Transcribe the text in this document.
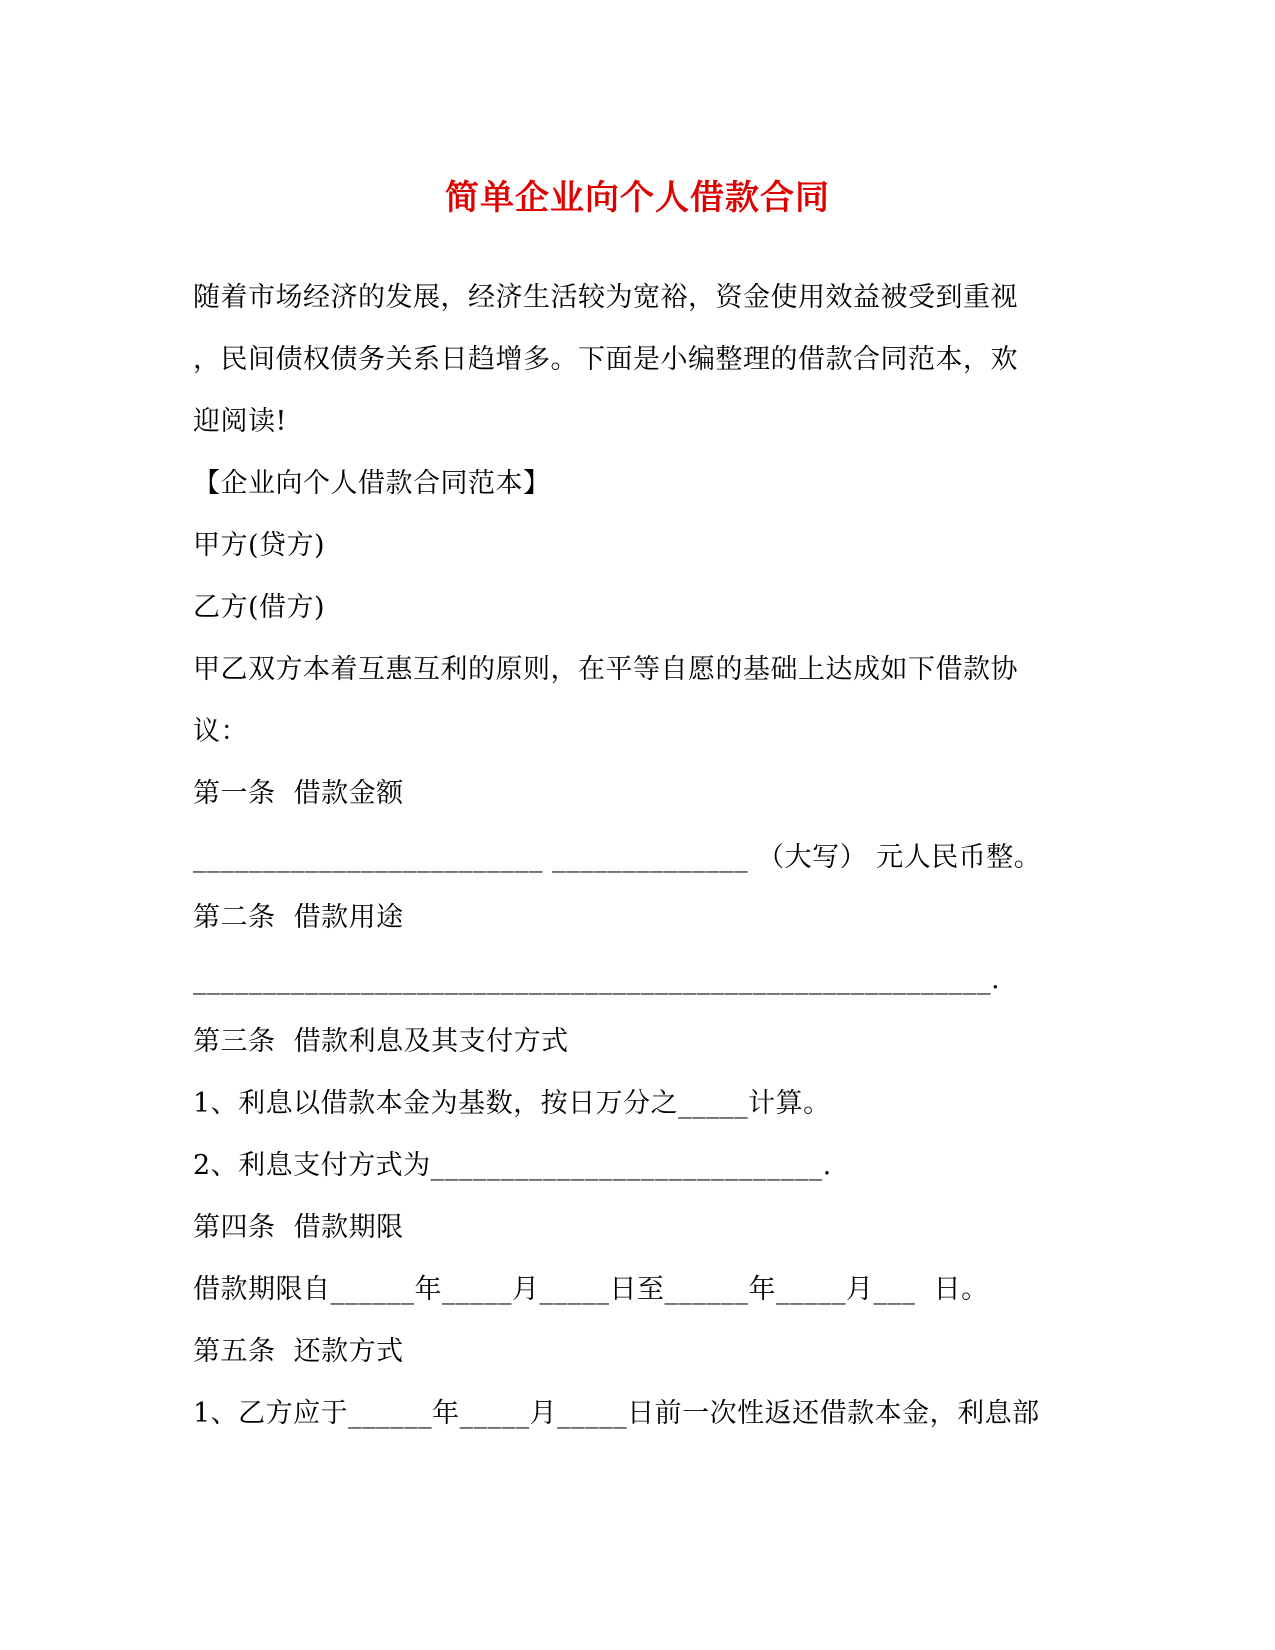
简单企业向个人借款合同
随着市场经济的发展，经济生活较为宽裕，资金使用效益被受到重视
，民间债权债务关系日趋增多。下面是小编整理的借款合同范本，欢
迎阅读!
【企业向个人借款合同范本】
甲方(贷方)
乙方(借方)
甲乙双方本着互惠互利的原则，在平等自愿的基础上达成如下借款协
议：
第一条  借款金额
_________________________ ______________ （大写） 元人民币整。
第二条  借款用途
_________________________________________________________.
第三条  借款利息及其支付方式
1、利息以借款本金为基数，按日万分之_____计算。
2、利息支付方式为____________________________.
第四条  借款期限
借款期限自______年_____月_____日至______年_____月___  日。
第五条  还款方式
1、乙方应于______年_____月_____日前一次性返还借款本金，利息部
